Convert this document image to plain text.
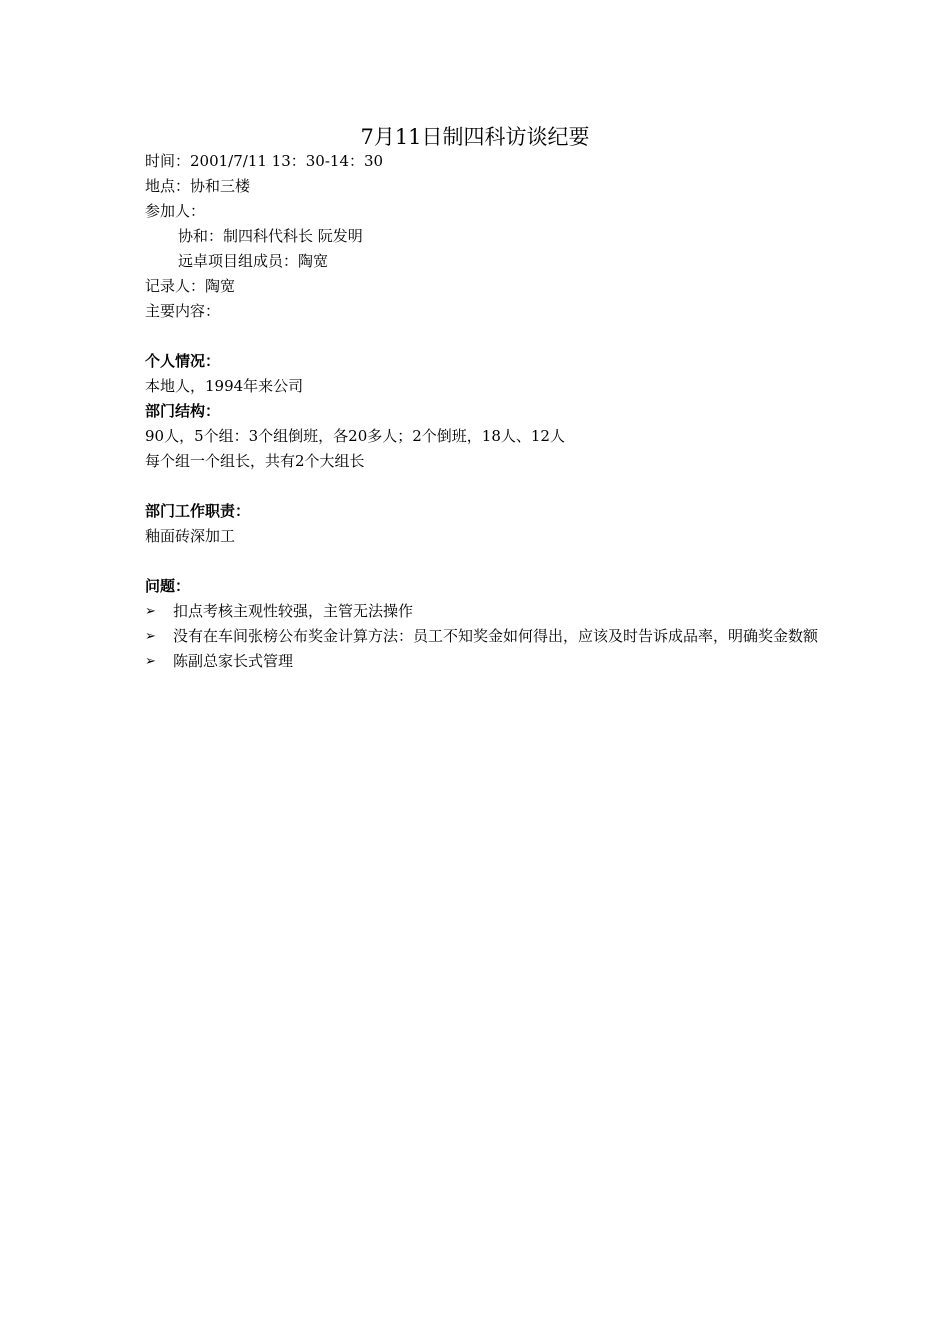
7月11日制四科访谈纪要
时间：2001/7/11 13：30-14：30
地点：协和三楼
参加人：
协和：制四科代科长 阮发明
远卓项目组成员：陶宽
记录人：陶宽
主要内容：
个人情况：
本地人，1994年来公司
部门结构：
90人，5个组：3个组倒班，各20多人；2个倒班，18人、12人
每个组一个组长，共有2个大组长
部门工作职责：
釉面砖深加工
问题：
➢ 扣点考核主观性较强，主管无法操作
➢ 没有在车间张榜公布奖金计算方法：员工不知奖金如何得出，应该及时告诉成品率，明确奖金数额
➢ 陈副总家长式管理
